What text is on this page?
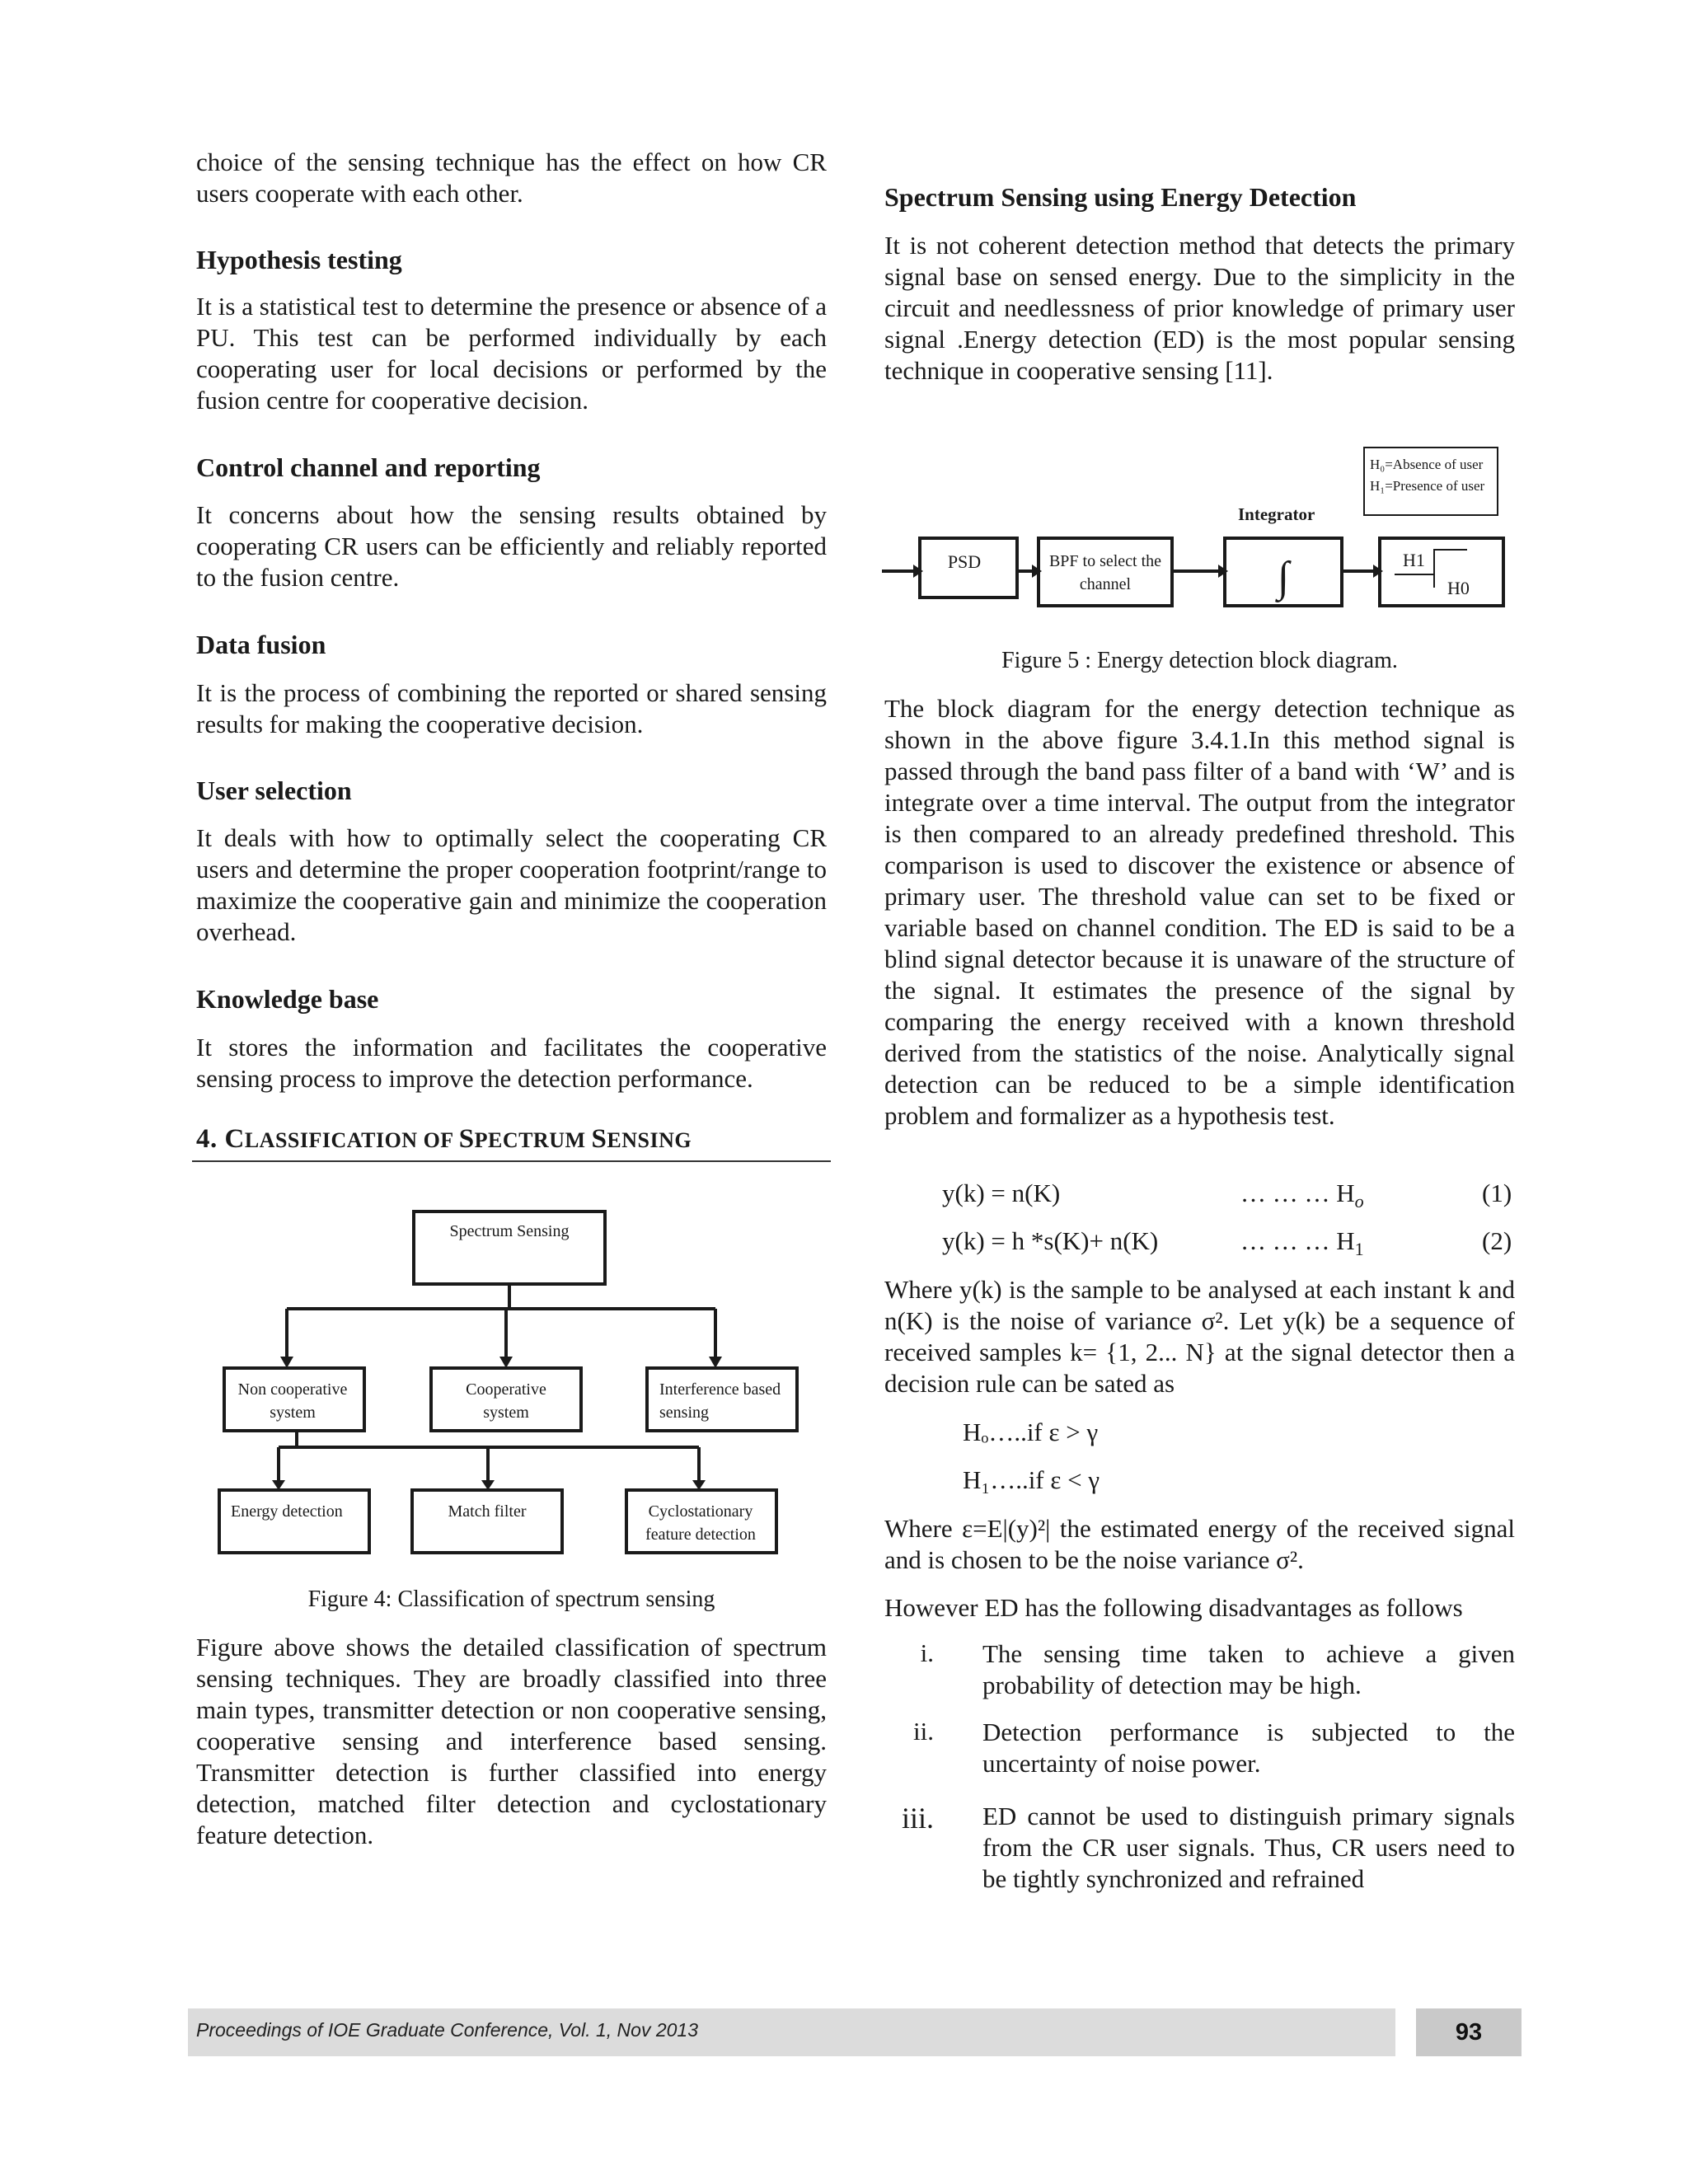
choice of the sensing technique has the effect on how CR users cooperate with each other.

Hypothesis testing

It is a statistical test to determine the presence or absence of a PU. This test can be performed individually by each cooperating user for local decisions or performed by the fusion centre for cooperative decision.

Control channel and reporting

It concerns about how the sensing results obtained by cooperating CR users can be efficiently and reliably reported to the fusion centre.

Data fusion

It is the process of combining the reported or shared sensing results for making the cooperative decision.

User selection

It deals with how to optimally select the cooperating CR users and determine the proper cooperation footprint/range to maximize the cooperative gain and minimize the cooperation overhead.

Knowledge base

It stores the information and facilitates the cooperative sensing process to improve the detection performance.

4. CLASSIFICATION OF SPECTRUM SENSING
Spectrum Sensing
Non cooperative
system
Cooperative
system
Interference based
sensing
Energy detection	Match filter	Cyclostationary
feature detection
Figure 4: Classification of spectrum sensing

Figure above shows the detailed classification of spectrum sensing techniques. They are broadly classified into three main types, transmitter detection or non cooperative sensing, cooperative sensing and interference based sensing. Transmitter detection is further classified into energy detection, matched filter detection and cyclostationary feature detection.

Spectrum Sensing using Energy Detection

It is not coherent detection method that detects the primary signal base on sensed energy. Due to the simplicity in the circuit and needlessness of prior knowledge of primary user signal .Energy detection (ED) is the most popular sensing technique in cooperative sensing [11].

H₀=Absence of user
H₁=Presence of user
Integrator
PSD	BPF to select the
channel	∫	H1
H0
Figure 5 : Energy detection block diagram.

The block diagram for the energy detection technique as shown in the above figure 3.4.1.In this method signal is passed through the band pass filter of a band with ‘W’ and is integrate over a time interval. The output from the integrator is then compared to an already predefined threshold. This comparison is used to discover the existence or absence of primary user. The threshold value can set to be fixed or variable based on channel condition. The ED is said to be a blind signal detector because it is unaware of the structure of the signal. It estimates the presence of the signal by comparing the energy received with a known threshold derived from the statistics of the noise. Analytically signal detection can be reduced to be a simple identification problem and formalizer as a hypothesis test.

y(k) = n(K)	… … … $H_o$	(1)
y(k) = h *s(K)+ n(K)	… … … $H_1$	(2)

Where y(k) is the sample to be analysed at each instant k and n(K) is the noise of variance σ². Let y(k) be a sequence of received samples k= {1, 2... N} at the signal detector then a decision rule can be sated as

Hₒ…..if ε > γ
H₁…..if ε < γ

Where ε=E|(y)²| the estimated energy of the received signal and is chosen to be the noise variance σ².

However ED has the following disadvantages as follows

i. The sensing time taken to achieve a given probability of detection may be high.
ii. Detection performance is subjected to the uncertainty of noise power.
iii. ED cannot be used to distinguish primary signals from the CR user signals. Thus, CR users need to be tightly synchronized and refrained
Proceedings of IOE Graduate Conference, Vol. 1, Nov 2013	93
